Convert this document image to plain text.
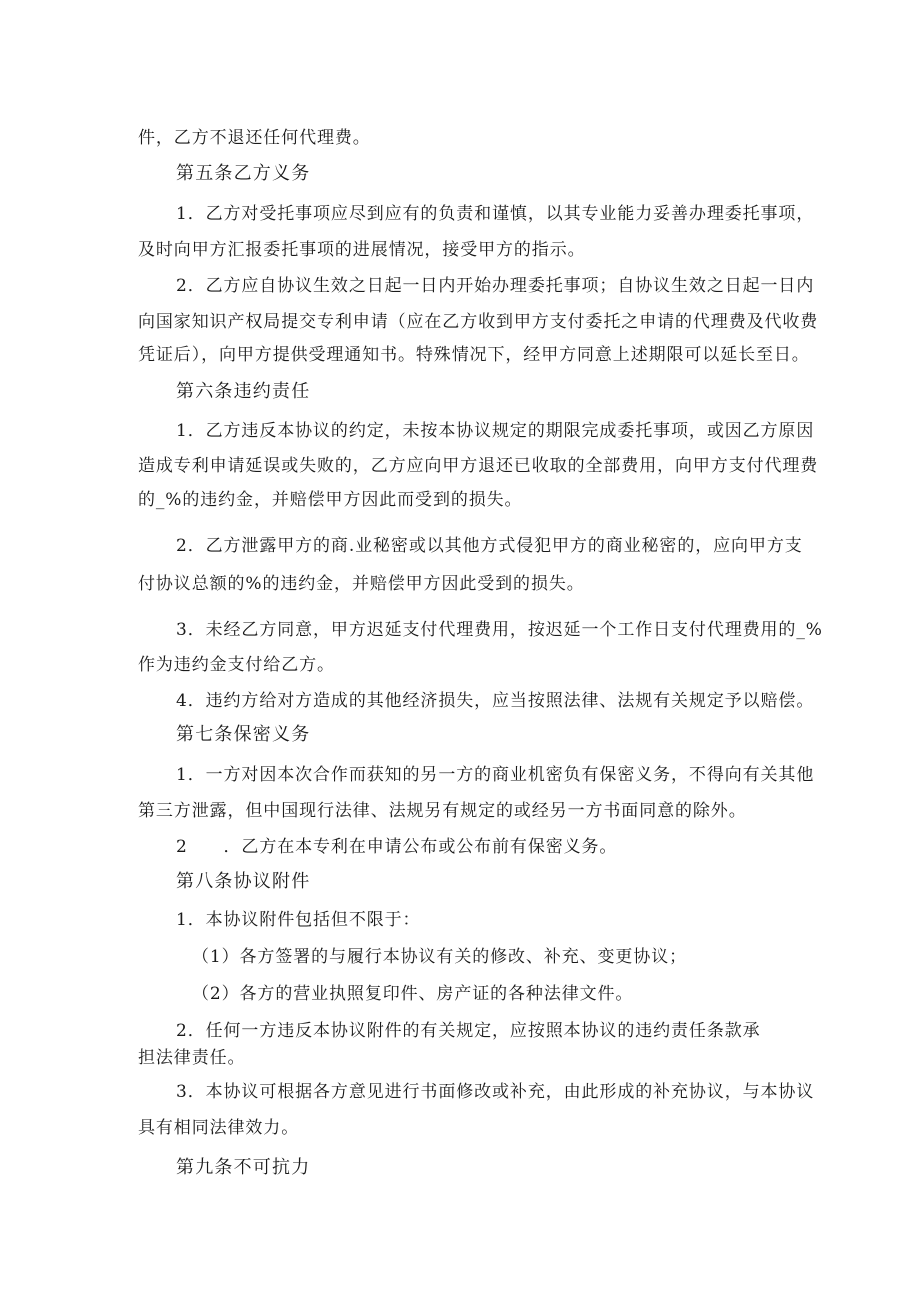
件，乙方不退还任何代理费。
第五条乙方义务
1．乙方对受托事项应尽到应有的负责和谨慎，以其专业能力妥善办理委托事项，
及时向甲方汇报委托事项的进展情况，接受甲方的指示。
2．乙方应自协议生效之日起一日内开始办理委托事项；自协议生效之日起一日内
向国家知识产权局提交专利申请（应在乙方收到甲方支付委托之申请的代理费及代收费
凭证后），向甲方提供受理通知书。特殊情况下，经甲方同意上述期限可以延长至日。
第六条违约责任
1．乙方违反本协议的约定，未按本协议规定的期限完成委托事项，或因乙方原因
造成专利申请延误或失败的，乙方应向甲方退还已收取的全部费用，向甲方支付代理费
的_%的违约金，并赔偿甲方因此而受到的损失。
2．乙方泄露甲方的商.业秘密或以其他方式侵犯甲方的商业秘密的，应向甲方支
付协议总额的%的违约金，并赔偿甲方因此受到的损失。
3．未经乙方同意，甲方迟延支付代理费用，按迟延一个工作日支付代理费用的_%
作为违约金支付给乙方。
4．违约方给对方造成的其他经济损失，应当按照法律、法规有关规定予以赔偿。
第七条保密义务
1．一方对因本次合作而获知的另一方的商业机密负有保密义务，不得向有关其他
第三方泄露，但中国现行法律、法规另有规定的或经另一方书面同意的除外。
2　　．乙方在本专利在申请公布或公布前有保密义务。
第八条协议附件
1．本协议附件包括但不限于：
（1）各方签署的与履行本协议有关的修改、补充、变更协议；
（2）各方的营业执照复印件、房产证的各种法律文件。
2．任何一方违反本协议附件的有关规定，应按照本协议的违约责任条款承
担法律责任。
3．本协议可根据各方意见进行书面修改或补充，由此形成的补充协议，与本协议
具有相同法律效力。
第九条不可抗力
